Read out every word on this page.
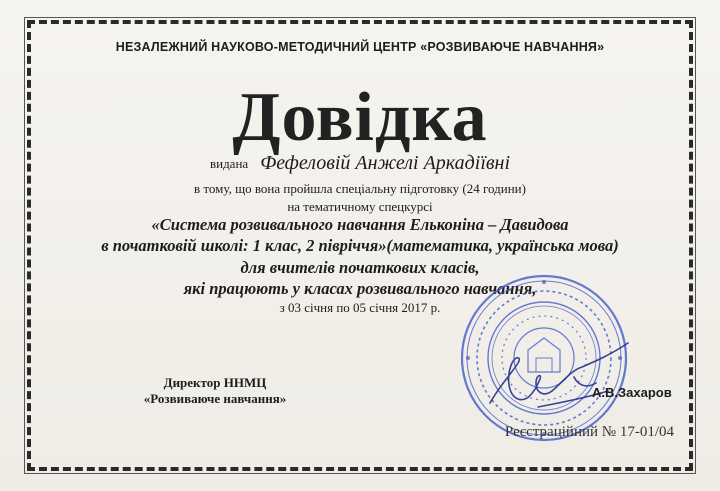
НЕЗАЛЕЖНИЙ НАУКОВО-МЕТОДИЧНИЙ ЦЕНТР «РОЗВИВАЮЧЕ НАВЧАННЯ»
Довідка
видана Фефеловій Анжелі Аркадіївні
в тому, що вона пройшла спеціальну підготовку (24 години)
на тематичному спецкурсі
«Система розвивального навчання Ельконіна – Давидова
в початковій школі: 1 клас, 2 півріччя»(математика, українська мова)
для вчителів початкових класів,
які працюють у класах розвивального навчання,
з 03 січня по 05 січня 2017 р.
Директор ННМЦ
«Розвиваюче навчання»	А.В.Захаров
Реєстраційний № 17-01/04
